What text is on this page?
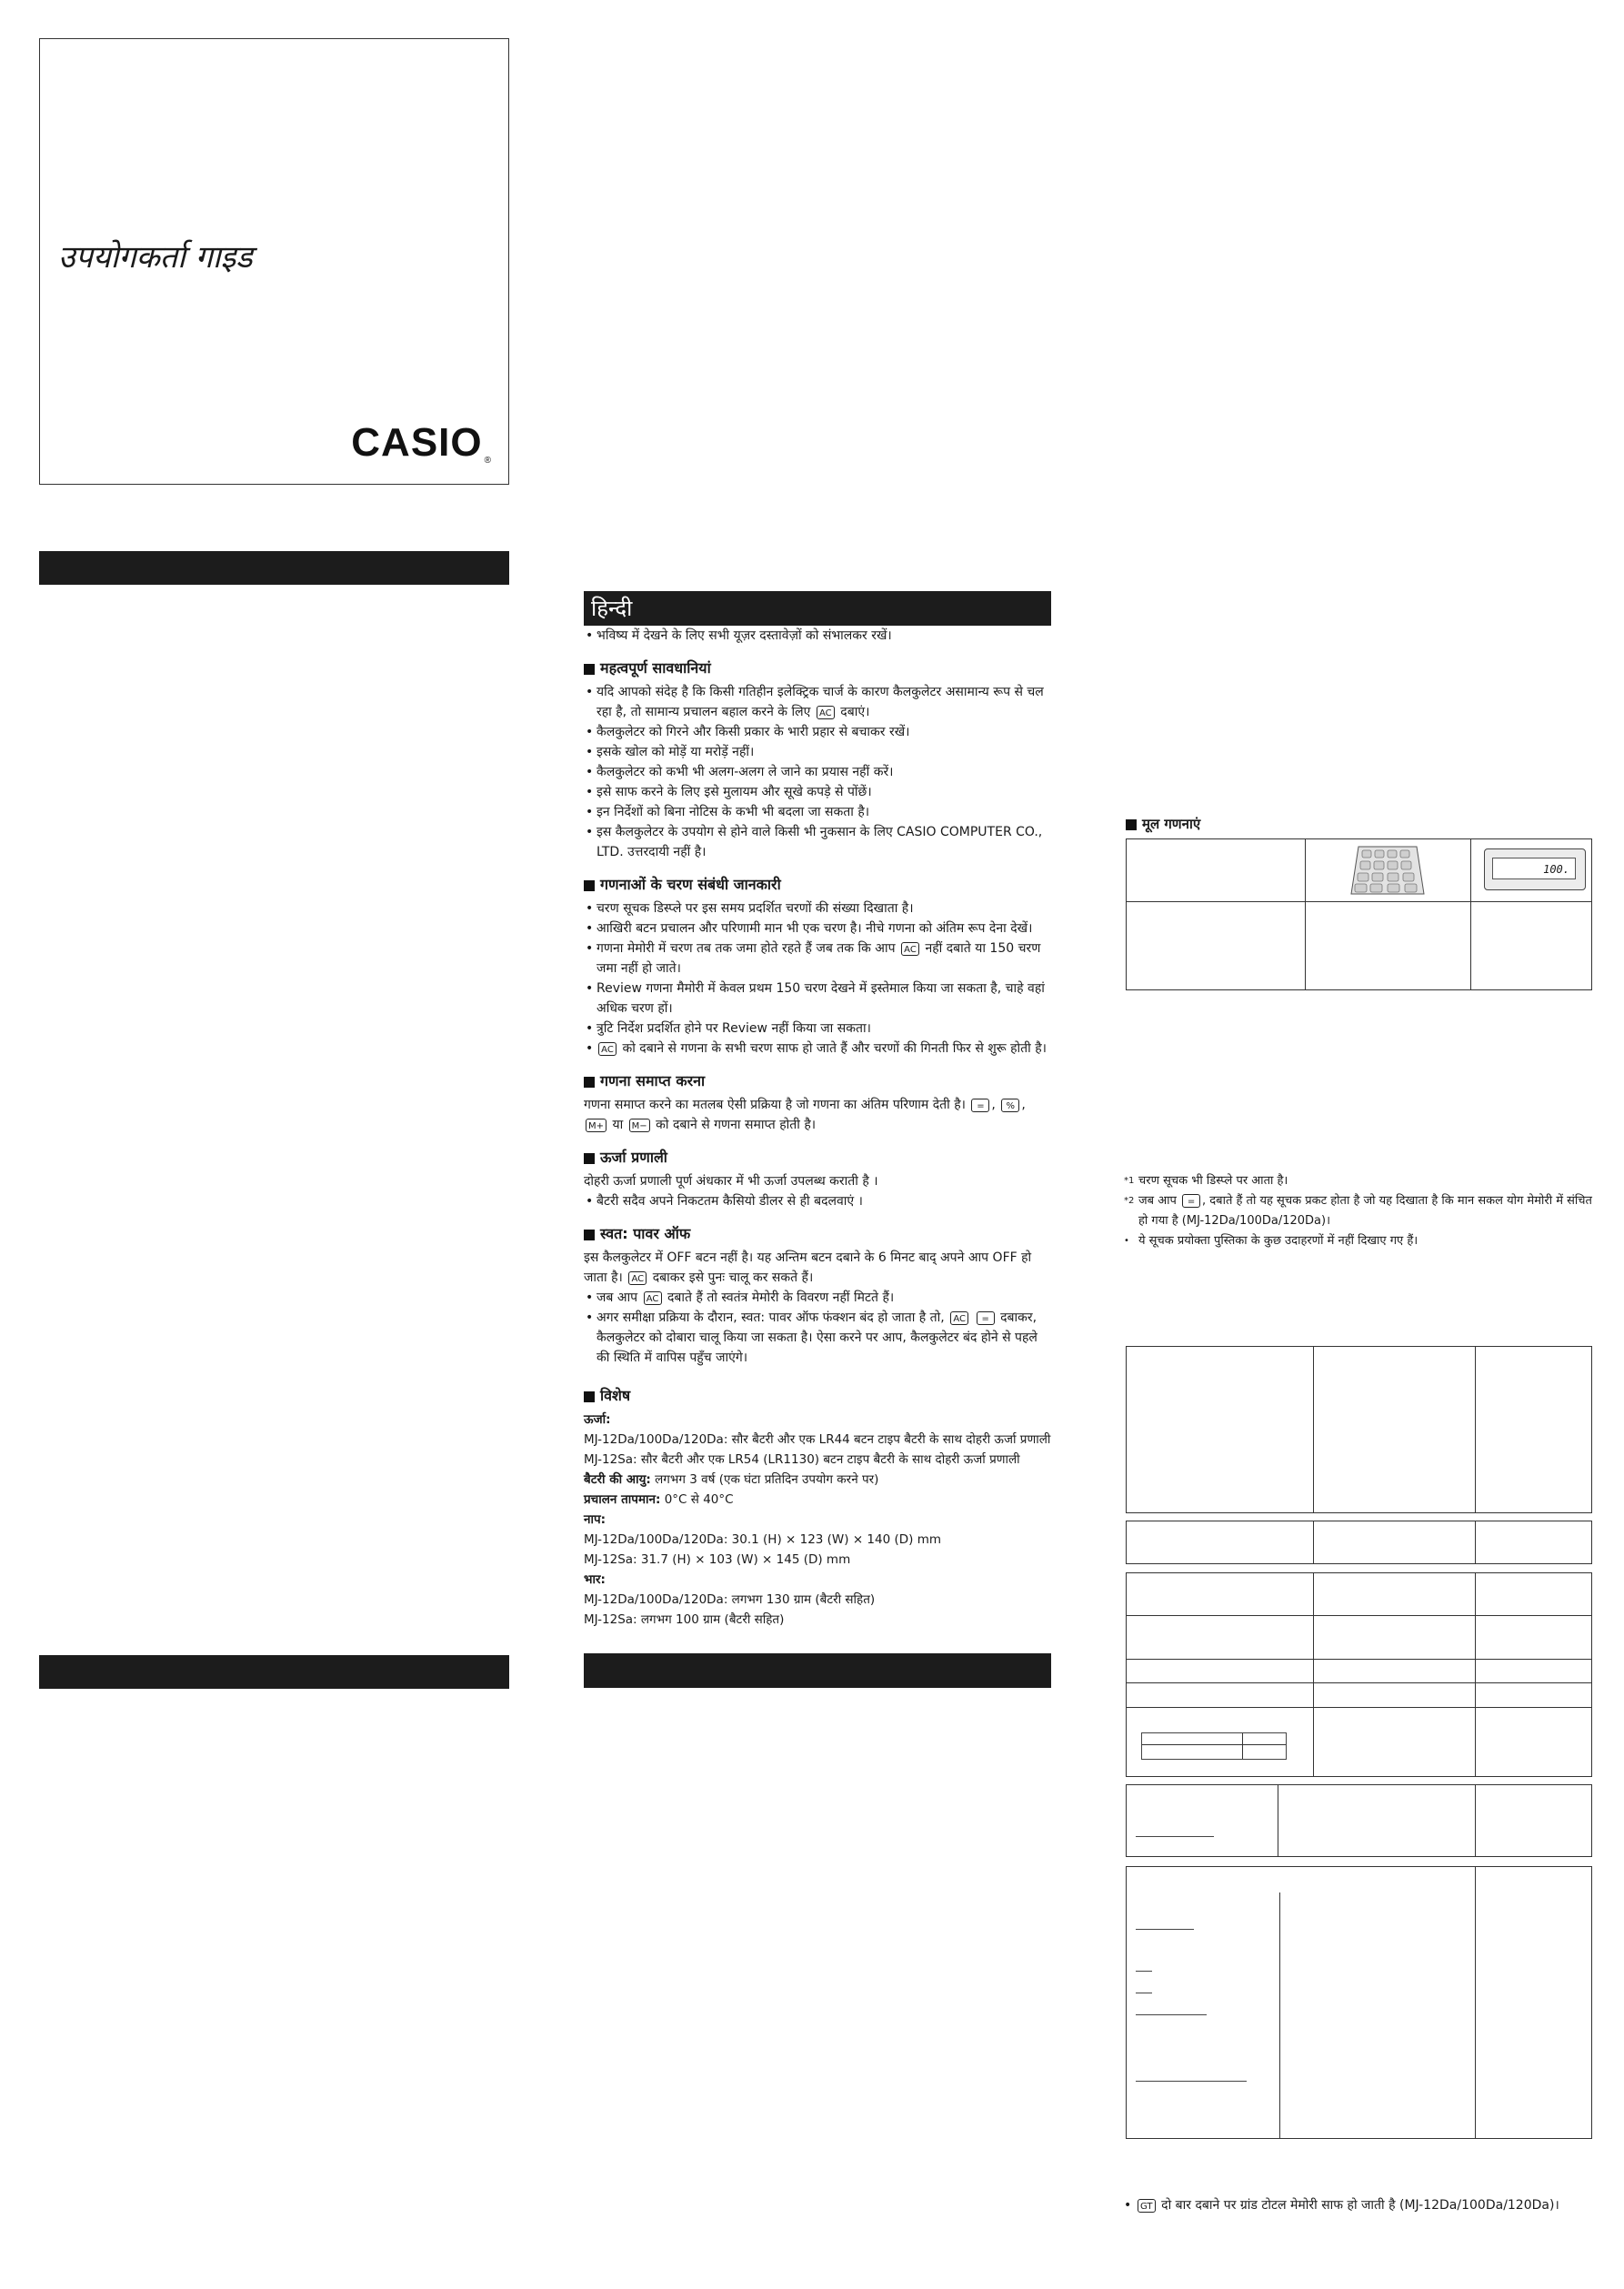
उपयोगकर्ता गाइड
CASIO ®
हिन्दी
• भविष्य में देखने के लिए सभी यूज़र दस्तावेज़ों को संभालकर रखें।
महत्वपूर्ण सावधानियां
• यदि आपको संदेह है कि किसी गतिहीन इलेक्ट्रिक चार्ज के कारण कैलकुलेटर असामान्य रूप से चल रहा है, तो सामान्य प्रचालन बहाल करने के लिए AC दबाएं।
• कैलकुलेटर को गिरने और किसी प्रकार के भारी प्रहार से बचाकर रखें।
• इसके खोल को मोड़ें या मरोड़ें नहीं।
• कैलकुलेटर को कभी भी अलग-अलग ले जाने का प्रयास नहीं करें।
• इसे साफ करने के लिए इसे मुलायम और सूखे कपड़े से पोंछें।
• इन निर्देशों को बिना नोटिस के कभी भी बदला जा सकता है।
• इस कैलकुलेटर के उपयोग से होने वाले किसी भी नुकसान के लिए CASIO COMPUTER CO., LTD. उत्तरदायी नहीं है।
गणनाओं के चरण संबंधी जानकारी
• चरण सूचक डिस्प्ले पर इस समय प्रदर्शित चरणों की संख्या दिखाता है।
• आखिरी बटन प्रचालन और परिणामी मान भी एक चरण है। नीचे गणना को अंतिम रूप देना देखें।
• गणना मेमोरी में चरण तब तक जमा होते रहते हैं जब तक कि आप AC नहीं दबाते या 150 चरण जमा नहीं हो जाते।
• Review गणना मैमोरी में केवल प्रथम 150 चरण देखने में इस्तेमाल किया जा सकता है, चाहे वहां अधिक चरण हों।
• त्रुटि निर्देश प्रदर्शित होने पर Review नहीं किया जा सकता।
• AC को दबाने से गणना के सभी चरण साफ हो जाते हैं और चरणों की गिनती फिर से शुरू होती है।
गणना समाप्त करना

गणना समाप्त करने का मतलब ऐसी प्रक्रिया है जो गणना का अंतिम परिणाम देती है। = , % , M+ या M− को दबाने से गणना समाप्त होती है।

ऊर्जा प्रणाली

दोहरी ऊर्जा प्रणाली पूर्ण अंधकार में भी ऊर्जा उपलब्ध कराती है ।

• बैटरी सदैव अपने निकटतम कैसियो डीलर से ही बदलवाएं ।
स्वत: पावर ऑफ

इस कैलकुलेटर में OFF बटन नहीं है। यह अन्तिम बटन दबाने के 6 मिनट बाद् अपने आप OFF हो जाता है। AC दबाकर इसे पुनः चालू कर सकते हैं।

• जब आप AC दबाते हैं तो स्वतंत्र मेमोरी के विवरण नहीं मिटते हैं।
• अगर समीक्षा प्रक्रिया के दौरान, स्वत: पावर ऑफ फंक्शन बंद हो जाता है तो, AC = दबाकर, कैलकुलेटर को दोबारा चालू किया जा सकता है। ऐसा करने पर आप, कैलकुलेटर बंद होने से पहले की स्थिति में वापिस पहुँच जाएंगे।
विशेष
ऊर्जा:
MJ-12Da/100Da/120Da: सौर बैटरी और एक LR44 बटन टाइप बैटरी के साथ दोहरी ऊर्जा प्रणाली
MJ-12Sa: सौर बैटरी और एक LR54 (LR1130) बटन टाइप बैटरी के साथ दोहरी ऊर्जा प्रणाली
बैटरी की आयु: लगभग 3 वर्ष (एक घंटा प्रतिदिन उपयोग करने पर)
प्रचालन तापमान: 0°C से 40°C
नाप:
MJ-12Da/100Da/120Da: 30.1 (H) × 123 (W) × 140 (D) mm
MJ-12Sa: 31.7 (H) × 103 (W) × 145 (D) mm
भार:
MJ-12Da/100Da/120Da: लगभग 130 ग्राम (बैटरी सहित)
MJ-12Sa: लगभग 100 ग्राम (बैटरी सहित)
मूल गणनाएं
100.
*1 चरण सूचक भी डिस्प्ले पर आता है।
*2 जब आप = , दबाते हैं तो यह सूचक प्रकट होता है जो यह दिखाता है कि मान सकल योग मेमोरी में संचित हो गया है (MJ-12Da/100Da/120Da)।
• ये सूचक प्रयोक्ता पुस्तिका के कुछ उदाहरणों में नहीं दिखाए गए हैं।
• GT दो बार दबाने पर ग्रांड टोटल मेमोरी साफ हो जाती है (MJ-12Da/100Da/120Da)।
